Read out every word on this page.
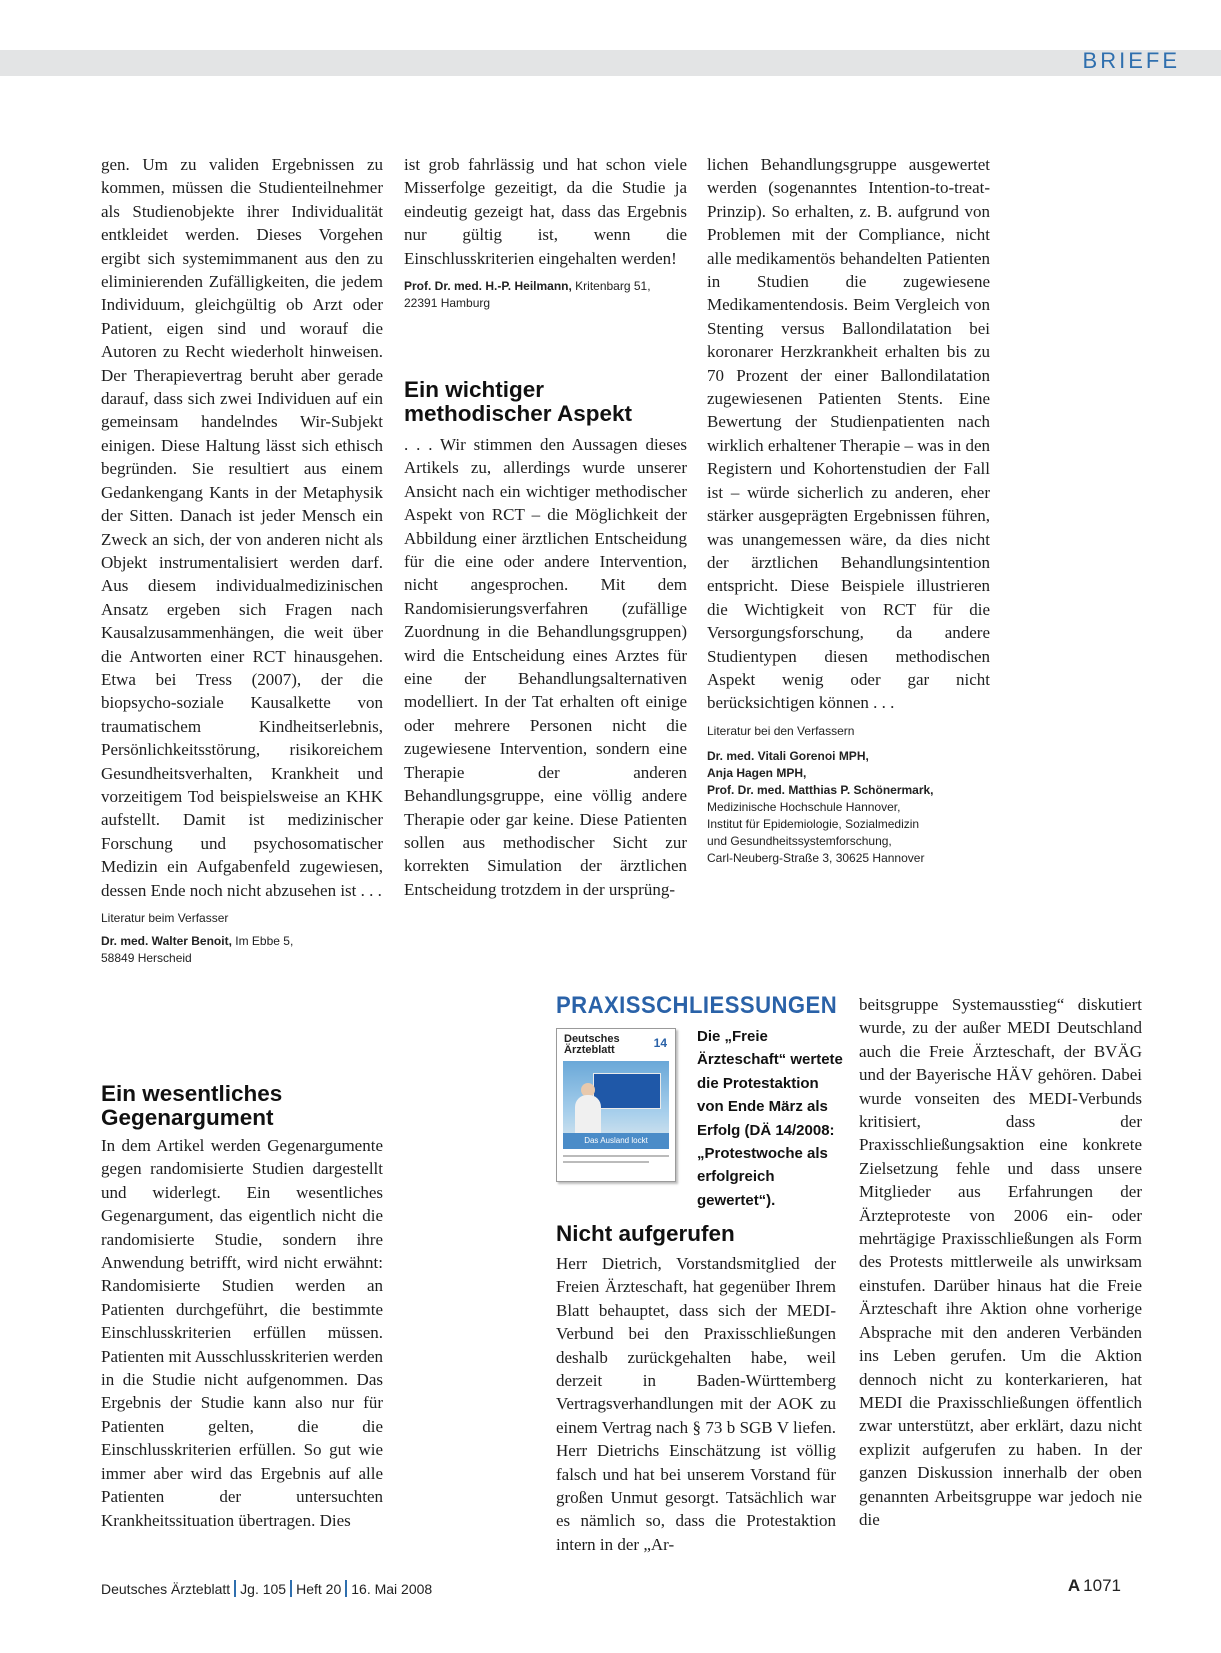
BRIEFE

gen. Um zu validen Ergebnissen zu kommen, müssen die Studienteilnehmer als Studienobjekte ihrer Individualität entkleidet werden. Dieses Vorgehen ergibt sich systemimmanent aus den zu eliminierenden Zufälligkeiten, die jedem Individuum, gleichgültig ob Arzt oder Patient, eigen sind und worauf die Autoren zu Recht wiederholt hinweisen. Der Therapievertrag beruht aber gerade darauf, dass sich zwei Individuen auf ein gemeinsam handelndes Wir-Subjekt einigen. Diese Haltung lässt sich ethisch begründen. Sie resultiert aus einem Gedankengang Kants in der Metaphysik der Sitten. Danach ist jeder Mensch ein Zweck an sich, der von anderen nicht als Objekt instrumentalisiert werden darf. Aus diesem individualmedizinischen Ansatz ergeben sich Fragen nach Kausalzusammenhängen, die weit über die Antworten einer RCT hinausgehen. Etwa bei Tress (2007), der die biopsycho-soziale Kausalkette von traumatischem Kindheitserlebnis, Persönlichkeitsstörung, risikoreichem Gesundheitsverhalten, Krankheit und vorzeitigem Tod beispielsweise an KHK aufstellt. Damit ist medizinischer Forschung und psychosomatischer Medizin ein Aufgabenfeld zugewiesen, dessen Ende noch nicht abzusehen ist . . .

Literatur beim Verfasser

Dr. med. Walter Benoit, Im Ebbe 5,
58849 Herscheid

Ein wesentliches Gegenargument

In dem Artikel werden Gegenargumente gegen randomisierte Studien dargestellt und widerlegt. Ein wesentliches Gegenargument, das eigentlich nicht die randomisierte Studie, sondern ihre Anwendung betrifft, wird nicht erwähnt: Randomisierte Studien werden an Patienten durchgeführt, die bestimmte Einschlusskriterien erfüllen müssen. Patienten mit Ausschlusskriterien werden in die Studie nicht aufgenommen. Das Ergebnis der Studie kann also nur für Patienten gelten, die die Einschlusskriterien erfüllen. So gut wie immer aber wird das Ergebnis auf alle Patienten der untersuchten Krankheitssituation übertragen. Dies

ist grob fahrlässig und hat schon viele Misserfolge gezeitigt, da die Studie ja eindeutig gezeigt hat, dass das Ergebnis nur gültig ist, wenn die Einschlusskriterien eingehalten werden!

Prof. Dr. med. H.-P. Heilmann, Kritenbarg 51,
22391 Hamburg

Ein wichtiger methodischer Aspekt

. . . Wir stimmen den Aussagen dieses Artikels zu, allerdings wurde unserer Ansicht nach ein wichtiger methodischer Aspekt von RCT – die Möglichkeit der Abbildung einer ärztlichen Entscheidung für die eine oder andere Intervention, nicht angesprochen. Mit dem Randomisierungsverfahren (zufällige Zuordnung in die Behandlungsgruppen) wird die Entscheidung eines Arztes für eine der Behandlungsalternativen modelliert. In der Tat erhalten oft einige oder mehrere Personen nicht die zugewiesene Intervention, sondern eine Therapie der anderen Behandlungsgruppe, eine völlig andere Therapie oder gar keine. Diese Patienten sollen aus methodischer Sicht zur korrekten Simulation der ärztlichen Entscheidung trotzdem in der ursprüng-

lichen Behandlungsgruppe ausgewertet werden (sogenanntes Intention-to-treat-Prinzip). So erhalten, z. B. aufgrund von Problemen mit der Compliance, nicht alle medikamentös behandelten Patienten in Studien die zugewiesene Medikamentendosis. Beim Vergleich von Stenting versus Ballondilatation bei koronarer Herzkrankheit erhalten bis zu 70 Prozent der einer Ballondilatation zugewiesenen Patienten Stents. Eine Bewertung der Studienpatienten nach wirklich erhaltener Therapie – was in den Registern und Kohortenstudien der Fall ist – würde sicherlich zu anderen, eher stärker ausgeprägten Ergebnissen führen, was unangemessen wäre, da dies nicht der ärztlichen Behandlungsintention entspricht. Diese Beispiele illustrieren die Wichtigkeit von RCT für die Versorgungsforschung, da andere Studientypen diesen methodischen Aspekt wenig oder gar nicht berücksichtigen können . . .

Literatur bei den Verfassern

Dr. med. Vitali Gorenoi MPH,
Anja Hagen MPH,
Prof. Dr. med. Matthias P. Schönermark,
Medizinische Hochschule Hannover,
Institut für Epidemiologie, Sozialmedizin
und Gesundheitssystemforschung,
Carl-Neuberg-Straße 3, 30625 Hannover

PRAXISSCHLIESSUNGEN
Deutsches
Ärzteblatt	14
Das Ausland lockt

Die „Freie Ärzteschaft“ wertete die Protestaktion von Ende März als Erfolg (DÄ 14/2008: „Protestwoche als erfolgreich gewertet“).

Nicht aufgerufen

Herr Dietrich, Vorstandsmitglied der Freien Ärzteschaft, hat gegenüber Ihrem Blatt behauptet, dass sich der MEDI-Verbund bei den Praxisschließungen deshalb zurückgehalten habe, weil derzeit in Baden-Württemberg Vertragsverhandlungen mit der AOK zu einem Vertrag nach § 73 b SGB V liefen. Herr Dietrichs Einschätzung ist völlig falsch und hat bei unserem Vorstand für großen Unmut gesorgt. Tatsächlich war es nämlich so, dass die Protestaktion intern in der „Ar-

beitsgruppe Systemausstieg“ diskutiert wurde, zu der außer MEDI Deutschland auch die Freie Ärzteschaft, der BVÄG und der Bayerische HÄV gehören. Dabei wurde vonseiten des MEDI-Verbunds kritisiert, dass der Praxisschließungsaktion eine konkrete Zielsetzung fehle und dass unsere Mitglieder aus Erfahrungen der Ärzteproteste von 2006 ein- oder mehrtägige Praxisschließungen als Form des Protests mittlerweile als unwirksam einstufen. Darüber hinaus hat die Freie Ärzteschaft ihre Aktion ohne vorherige Absprache mit den anderen Verbänden ins Leben gerufen. Um die Aktion dennoch nicht zu konterkarieren, hat MEDI die Praxisschließungen öffentlich zwar unterstützt, aber erklärt, dazu nicht explizit aufgerufen zu haben. In der ganzen Diskussion innerhalb der oben genannten Arbeitsgruppe war jedoch nie die

Deutsches Ärzteblatt Jg. 105 Heft 20 16. Mai 2008	A 1071
